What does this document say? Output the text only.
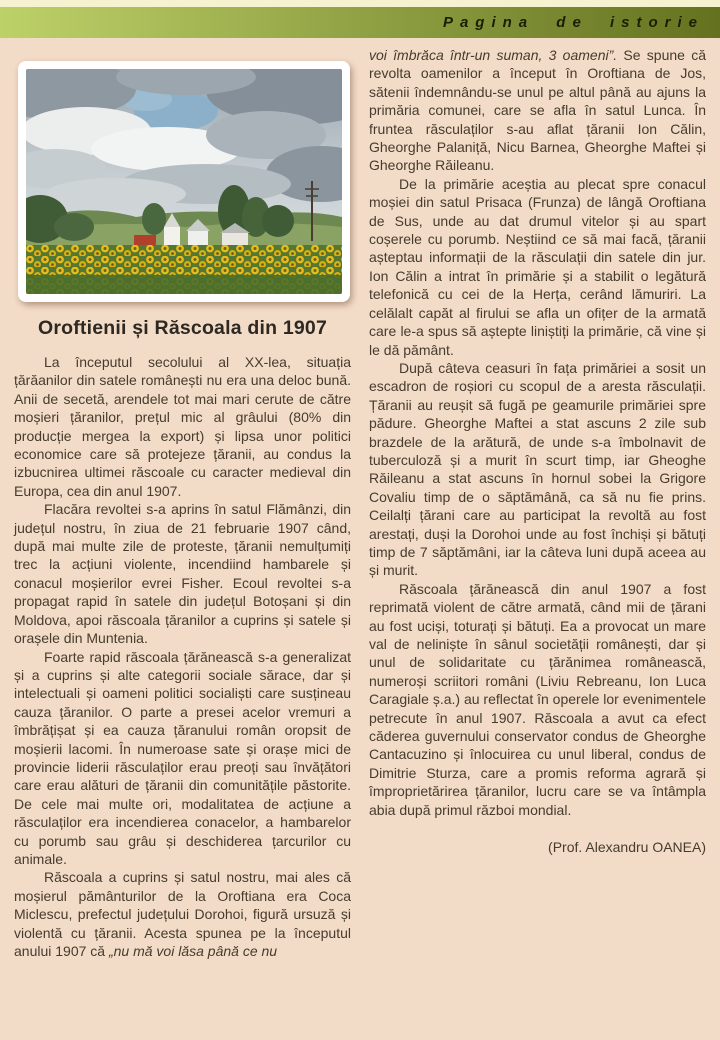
Pagina de istorie
Oroftienii și Răscoala din 1907

La începutul secolului al XX-lea, situația țărăanilor din satele românești nu era una deloc bună. Anii de secetă, arendele tot mai mari cerute de către moșieri țăranilor, prețul mic al grâului (80% din producție mergea la export) și lipsa unor politici economice care să protejeze țăranii, au condus la izbucnirea ultimei răscoale cu caracter medieval din Europa, cea din anul 1907.

Flacăra revoltei s-a aprins în satul Flămânzi, din județul nostru, în ziua de 21 februarie 1907 când, după mai multe zile de proteste, țăranii nemulțumiți trec la acțiuni violente, incendiind hambarele și conacul moșierilor evrei Fisher. Ecoul revoltei s-a propagat rapid în satele din județul Botoșani și din Moldova, apoi răscoala țăranilor a cuprins și satele și orașele din Muntenia.

Foarte rapid răscoala țărănească s-a generalizat și a cuprins și alte categorii sociale sărace, dar și intelectuali și oameni politici socialiști care susțineau cauza țăranilor. O parte a presei acelor vremuri a îmbrățișat și ea cauza țăranului român oropsit de moșierii lacomi. În numeroase sate și orașe mici de provincie liderii răsculaților erau preoți sau învățători care erau alături de țăranii din comunitățile păstorite. De cele mai multe ori, modalitatea de acțiune a răsculaților era incendierea conacelor, a hambarelor cu porumb sau grâu și deschiderea țarcurilor cu animale.

Răscoala a cuprins și satul nostru, mai ales că moșierul pământurilor de la Oroftiana era Coca Miclescu, prefectul județului Dorohoi, figură ursuză și violentă cu țăranii. Acesta spunea pe la începutul anului 1907 că „nu mă voi lăsa până ce nu

voi îmbrăca într-un suman, 3 oameni”. Se spune că revolta oamenilor a început în Oroftiana de Jos, sătenii îndemnându-se unul pe altul până au ajuns la primăria comunei, care se afla în satul Lunca. În fruntea răsculaților s-au aflat țăranii Ion Călin, Gheorghe Palaniță, Nicu Barnea, Gheorghe Maftei și Gheorghe Răileanu.

De la primărie aceștia au plecat spre conacul moșiei din satul Prisaca (Frunza) de lângă Oroftiana de Sus, unde au dat drumul vitelor și au spart coșerele cu porumb. Neștiind ce să mai facă, țăranii așteptau informații de la răsculații din satele din jur. Ion Călin a intrat în primărie și a stabilit o legătură telefonică cu cei de la Herța, cerând lămuriri. La celălalt capăt al firului se afla un ofițer de la armată care le-a spus să aștepte liniștiți la primărie, că vine și le dă pământ.

După câteva ceasuri în fața primăriei a sosit un escadron de roșiori cu scopul de a aresta răsculații. Țăranii au reușit să fugă pe geamurile primăriei spre pădure. Gheorghe Maftei a stat ascuns 2 zile sub brazdele de la arătură, de unde s-a îmbolnavit de tuberculoză și a murit în scurt timp, iar Gheoghe Răileanu a stat ascuns în hornul sobei la Grigore Covaliu timp de o săptămână, ca să nu fie prins. Ceilalți țărani care au participat la revoltă au fost arestați, duși la Dorohoi unde au fost închiși și bătuți timp de 7 săptămâni, iar la câteva luni după aceea au și murit.

Răscoala țărănească din anul 1907 a fost reprimată violent de către armată, când mii de țărani au fost uciși, toturați și bătuți. Ea a provocat un mare val de neliniște în sânul societății românești, dar și unul de solidaritate cu țărănimea românească, numeroși scriitori români (Liviu Rebreanu, Ion Luca Caragiale ș.a.) au reflectat în operele lor evenimentele petrecute în anul 1907. Răscoala a avut ca efect căderea guvernului conservator condus de Gheorghe Cantacuzino și înlocuirea cu unul liberal, condus de Dimitrie Sturza, care a promis reforma agrară și împroprietărirea țăranilor, lucru care se va întâmpla abia după primul război mondial.

(Prof. Alexandru OANEA)
